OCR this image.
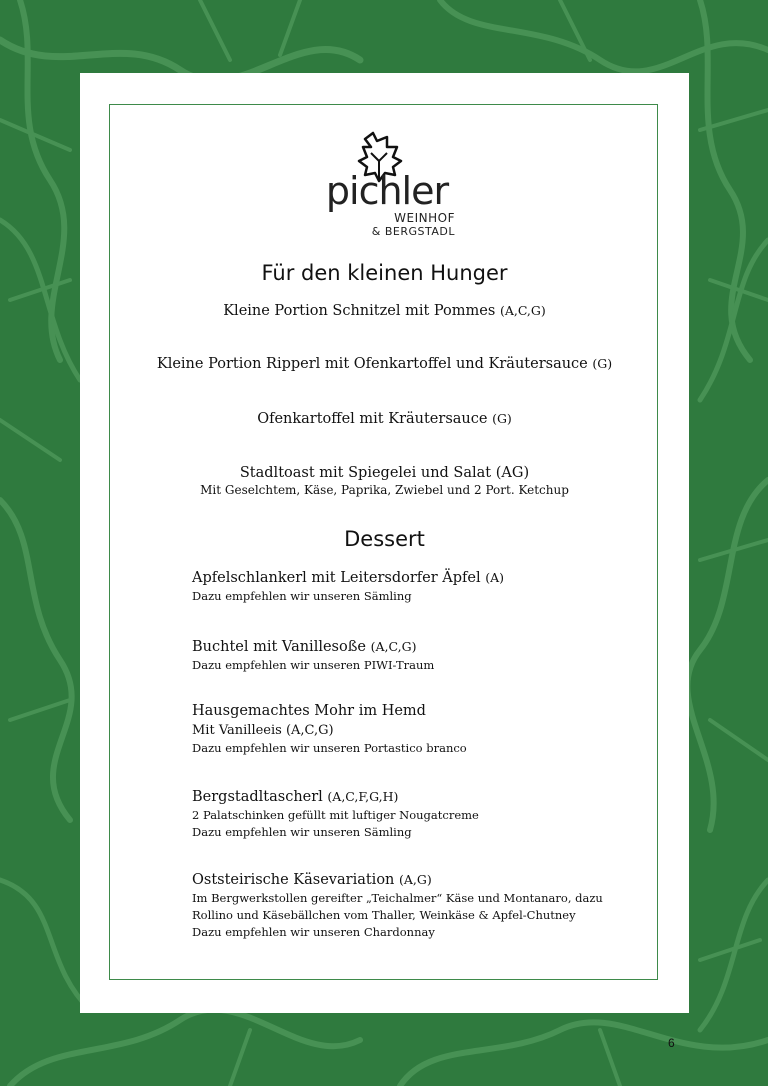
pichler
WEINHOF
& BERGSTADL
Für den kleinen Hunger
Kleine Portion Schnitzel mit Pommes (A,C,G)
Kleine Portion Ripperl mit Ofenkartoffel und Kräutersauce (G)
Ofenkartoffel mit Kräutersauce (G)
Stadltoast mit Spiegelei und Salat (AG)
Mit Geselchtem, Käse, Paprika, Zwiebel und 2 Port. Ketchup
Dessert
Apfelschlankerl mit Leitersdorfer Äpfel (A)
Dazu empfehlen wir unseren Sämling
Buchtel mit Vanillesoße (A,C,G)
Dazu empfehlen wir unseren PIWI-Traum
Hausgemachtes Mohr im Hemd
Mit Vanilleeis (A,C,G)
Dazu empfehlen wir unseren Portastico branco
Bergstadltascherl (A,C,F,G,H)
2 Palatschinken gefüllt mit luftiger Nougatcreme
Dazu empfehlen wir unseren Sämling
Oststeirische Käsevariation (A,G)
Im Bergwerkstollen gereifter „Teichalmer“ Käse und Montanaro, dazu
Rollino und Käsebällchen vom Thaller, Weinkäse & Apfel-Chutney
Dazu empfehlen wir unseren Chardonnay
6
